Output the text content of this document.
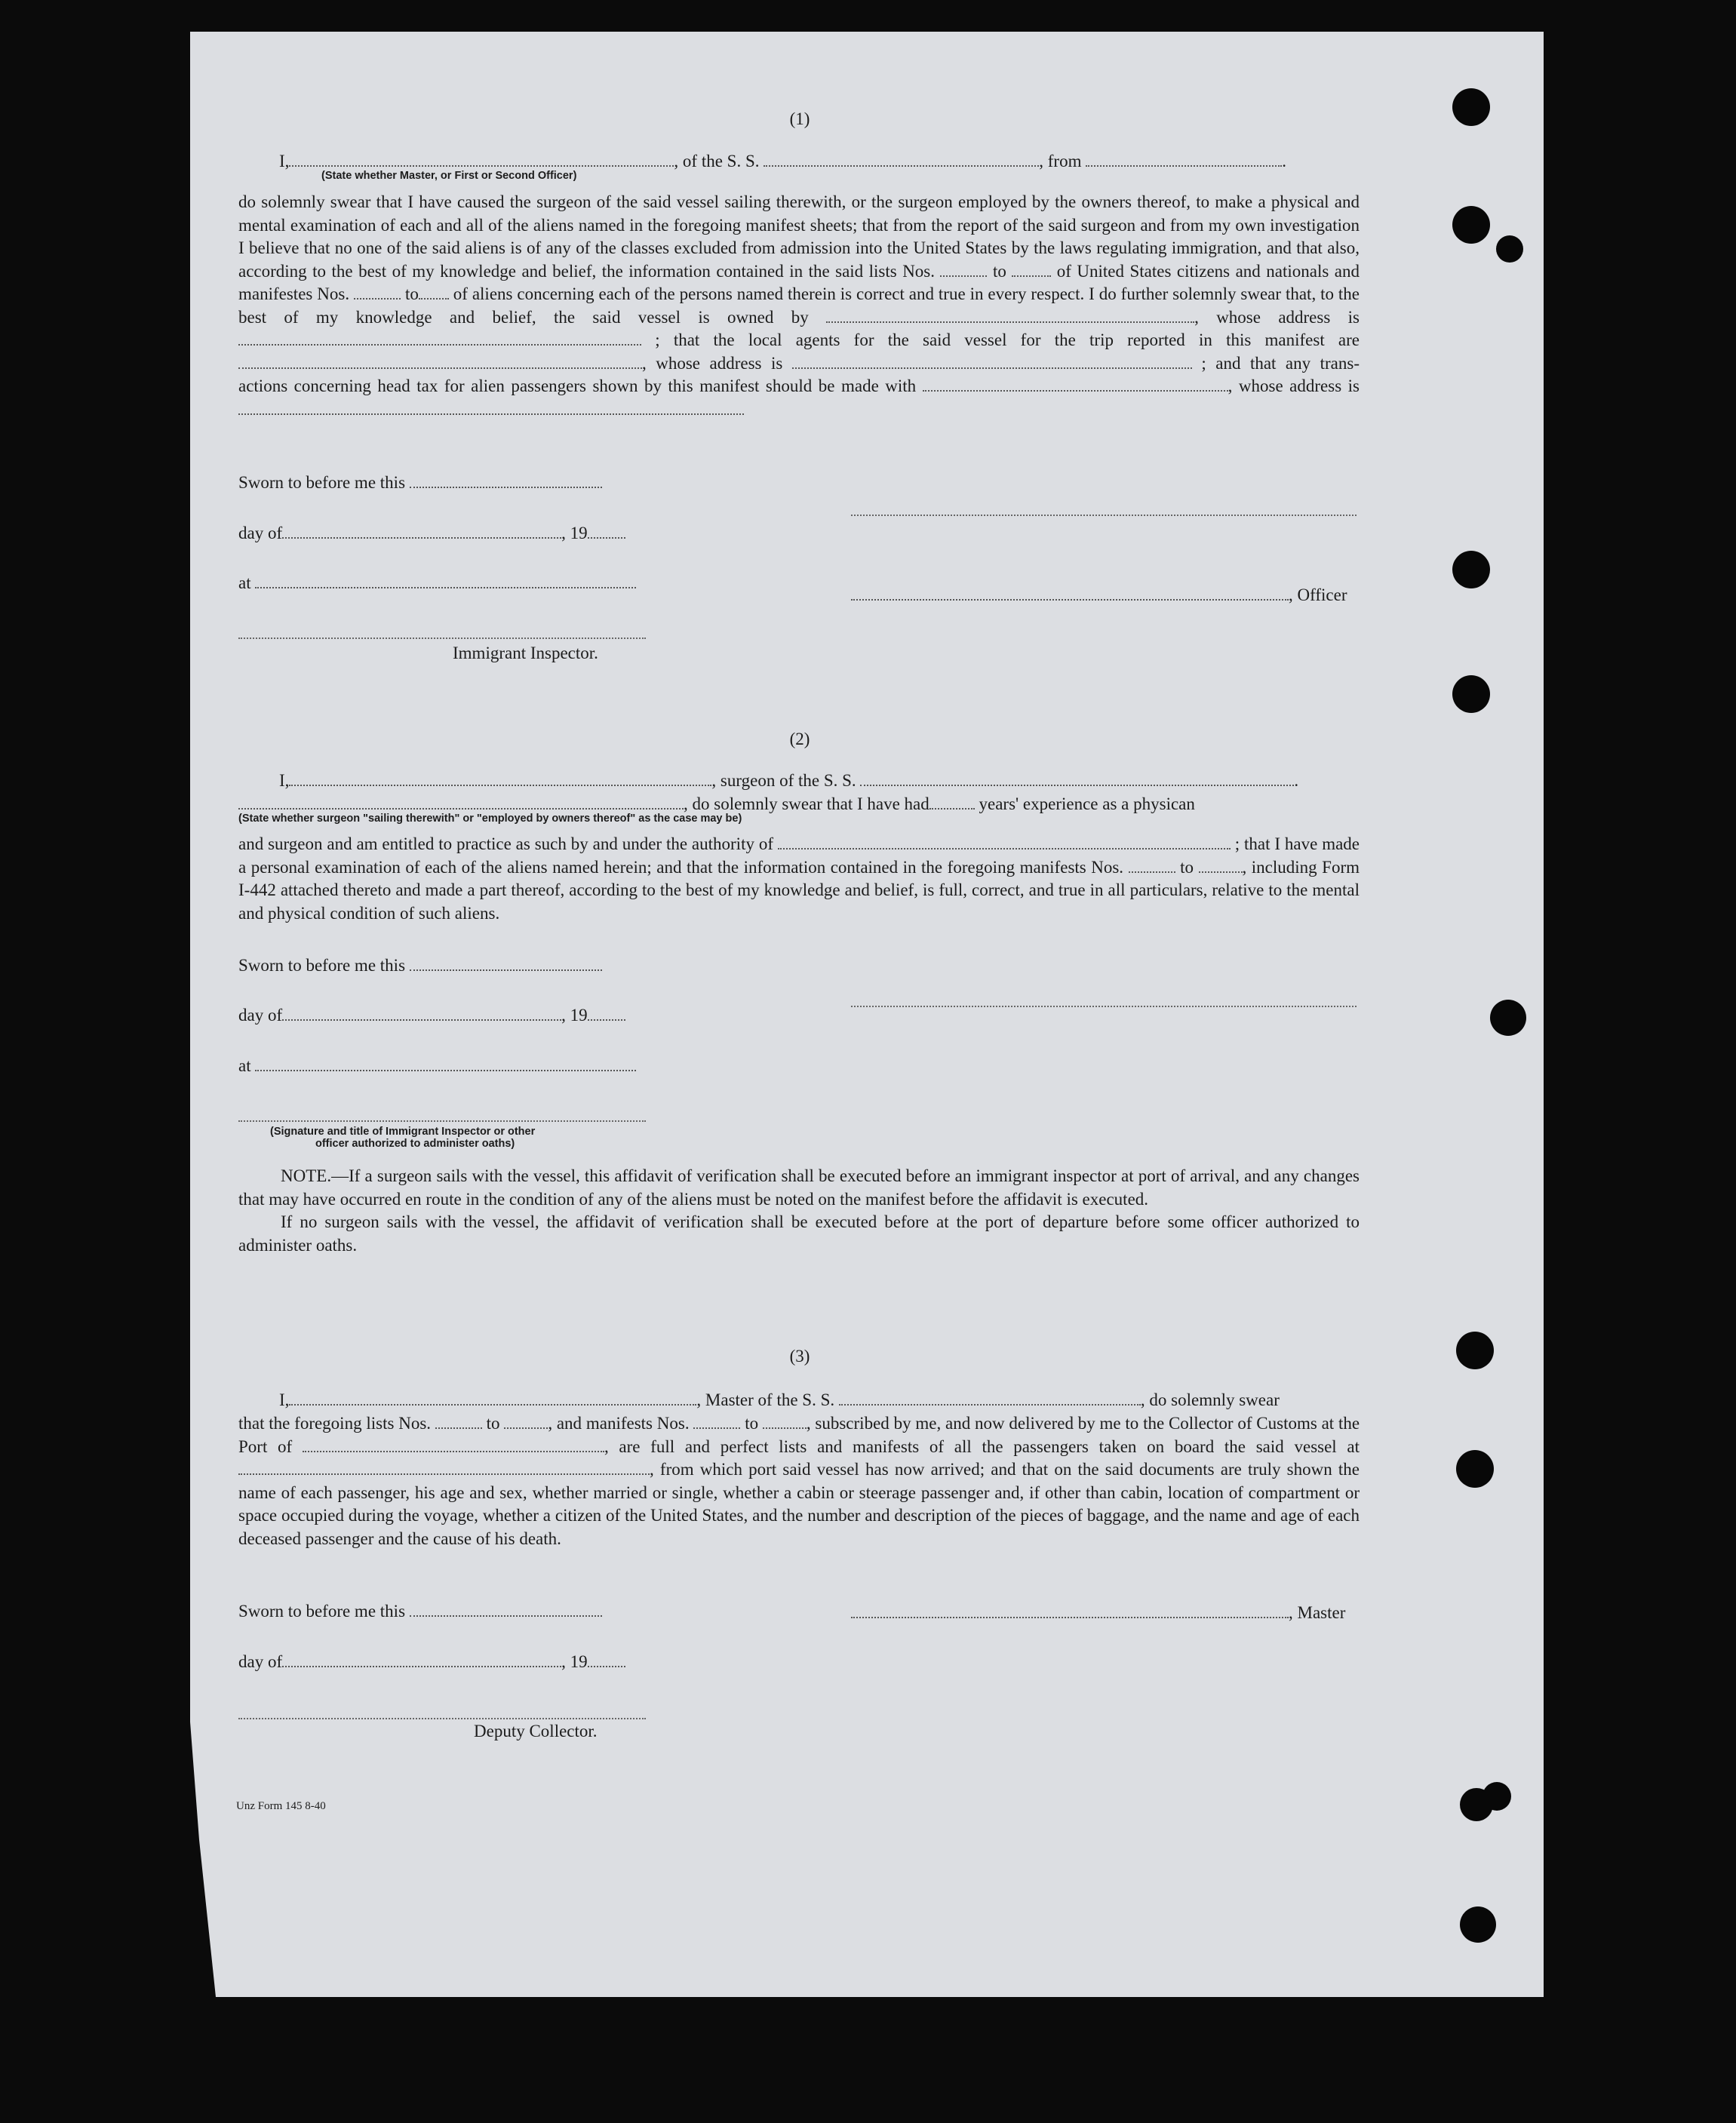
(1)
I,	, of the S. S.	, from	.
(State whether Master, or First or Second Officer)
do solemnly swear that I have caused the surgeon of the said vessel sailing therewith, or the surgeon employed by the owners thereof, to make a physical and mental examination of each and all of the aliens named in the foregoing manifest sheets; that from the report of the said surgeon and from my own investigation I believe that no one of the said aliens is of any of the classes excluded from admission into the United States by the laws regulating immigration, and that also, according to the best of my knowledge and belief, the information contained in the said lists Nos.	to	of United States citizens and nationals and manifestes Nos.	to of aliens concerning each of the persons named therein is correct and true in every respect. I do further solemnly swear that, to the best of my knowledge and belief, the said vessel is owned by	, whose address is  ; that the local agents for the said vessel for the trip reported in this manifest are , whose address is	; and that any trans- actions concerning head tax for alien passengers shown by this manifest should be made with	, whose address is
Sworn to before me this
day of	, 19
at
, Officer
Immigrant Inspector.
(2)
I,	, surgeon of the S. S.	.
, do solemnly swear that I have had	years' experience as a physican
(State whether surgeon "sailing therewith" or "employed by owners thereof" as the case may be)
and surgeon and am entitled to practice as such by and under the authority of	; that I have made a personal examination of each of the aliens named herein; and that the information contained in the foregoing manifests Nos.	to	, including Form I-442 attached thereto and made a part thereof, according to the best of my knowledge and belief, is full, correct, and true in all particulars, relative to the mental and physical condition of such aliens.
Sworn to before me this
day of	, 19
at
(Signature and title of Immigrant Inspector or other
officer authorized to administer oaths)
NOTE.—If a surgeon sails with the vessel, this affidavit of verification shall be executed before an immigrant inspector at port of arrival, and any changes that may have occurred en route in the condition of any of the aliens must be noted on the manifest before the affidavit is executed.
If no surgeon sails with the vessel, the affidavit of verification shall be executed before at the port of departure before some officer authorized to administer oaths.
(3)
I,	, Master of the S. S.	, do solemnly swear
that the foregoing lists Nos.	to	, and manifests Nos.	to	, subscribed by me, and now delivered by me to the Collector of Customs at the Port of	, are full and perfect lists and manifests of all the passengers taken on board the said vessel at , from which port said vessel has now arrived; and that on the said documents are truly shown the name of each passenger, his age and sex, whether married or single, whether a cabin or steerage passenger and, if other than cabin, location of compartment or space occupied during the voyage, whether a citizen of the United States, and the number and description of the pieces of baggage, and the name and age of each deceased passenger and the cause of his death.
Sworn to before me this	, Master
day of	, 19
Deputy Collector.
Unz Form 145 8-40
